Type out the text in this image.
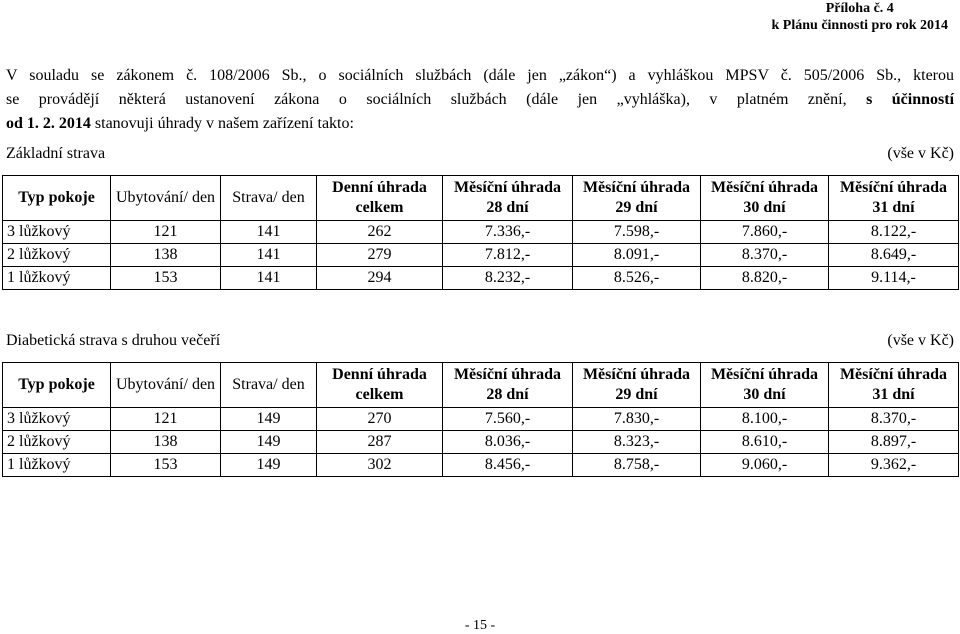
Příloha č. 4
k Plánu činnosti pro rok 2014
V souladu se zákonem č. 108/2006 Sb., o sociálních službách (dále jen „zákon“) a vyhláškou MPSV č. 505/2006 Sb., kterou
se provádějí některá ustanovení zákona o sociálních službách (dále jen „vyhláška), v platném znění, s účinností
od 1. 2. 2014 stanovuji úhrady v našem zařízení takto:
Základní strava	(vše v Kč)
Typ pokoje	Ubytování/ den	Strava/ den	Denní úhrada celkem	Měsíční úhrada 28 dní	Měsíční úhrada 29 dní	Měsíční úhrada 30 dní	Měsíční úhrada 31 dní
3 lůžkový	121	141	262	7.336,-	7.598,-	7.860,-	8.122,-
2 lůžkový	138	141	279	7.812,-	8.091,-	8.370,-	8.649,-
1 lůžkový	153	141	294	8.232,-	8.526,-	8.820,-	9.114,-
Diabetická strava s druhou večeří	(vše v Kč)
Typ pokoje	Ubytování/ den	Strava/ den	Denní úhrada celkem	Měsíční úhrada 28 dní	Měsíční úhrada 29 dní	Měsíční úhrada 30 dní	Měsíční úhrada 31 dní
3 lůžkový	121	149	270	7.560,-	7.830,-	8.100,-	8.370,-
2 lůžkový	138	149	287	8.036,-	8.323,-	8.610,-	8.897,-
1 lůžkový	153	149	302	8.456,-	8.758,-	9.060,-	9.362,-
- 15 -
